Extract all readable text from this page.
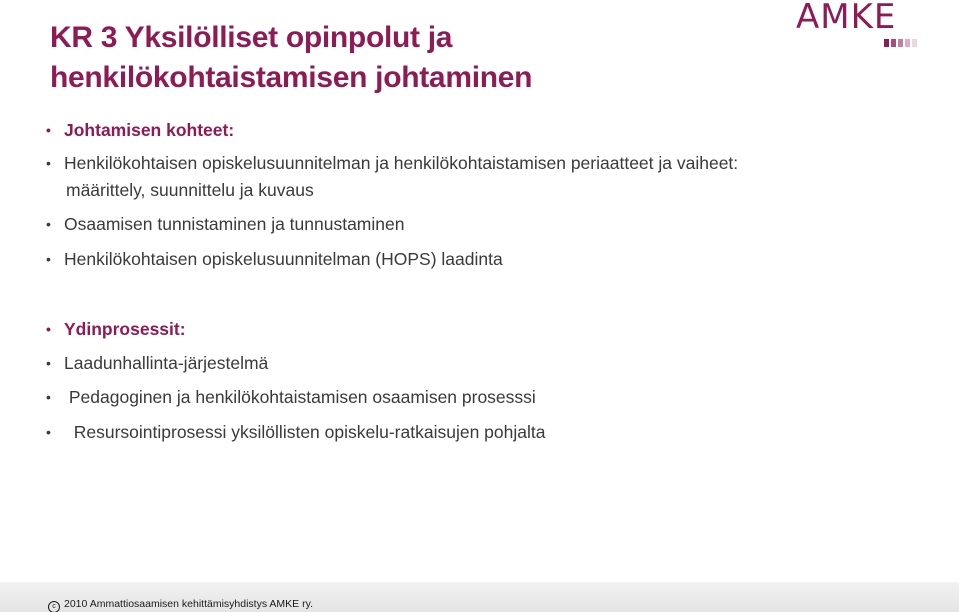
KR 3 Yksilölliset opinpolut ja
henkilökohtaistamisen johtaminen
AMKE
• Johtamisen kohteet:
• Henkilökohtaisen opiskelusuunnitelman ja henkilökohtaistamisen periaatteet ja vaiheet:
määrittely, suunnittelu ja kuvaus
• Osaamisen tunnistaminen ja tunnustaminen
• Henkilökohtaisen opiskelusuunnitelman (HOPS) laadinta
• Ydinprosessit:
• Laadunhallinta-järjestelmä
• Pedagoginen ja henkilökohtaistamisen osaamisen prosesssi
•  Resursointiprosessi yksilöllisten opiskelu-ratkaisujen pohjalta
c 2010 Ammattiosaamisen kehittämisyhdistys AMKE ry.
